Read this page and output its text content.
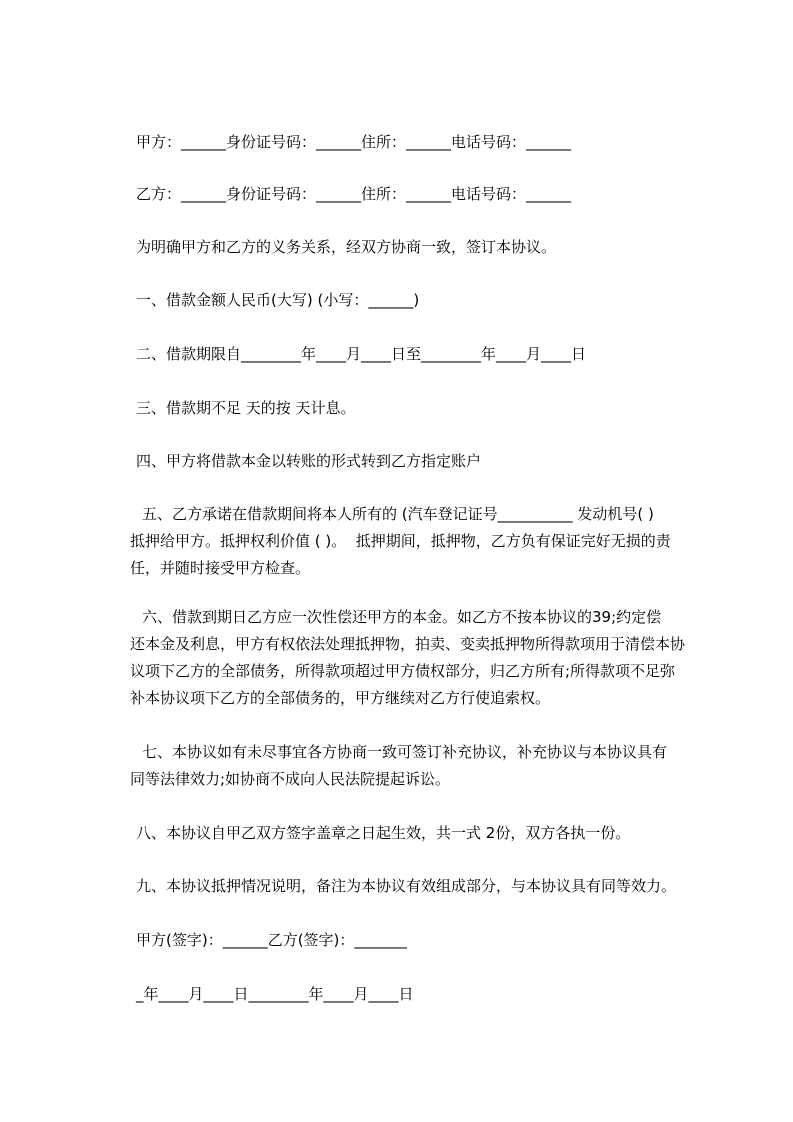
甲方：______身份证号码：______住所：______电话号码：______
乙方：______身份证号码：______住所：______电话号码：______
为明确甲方和乙方的义务关系，经双方协商一致，签订本协议。
一、借款金额人民币(大写) (小写：______)
二、借款期限自________年____月____日至________年____月____日
三、借款期不足 天的按 天计息。
四、甲方将借款本金以转账的形式转到乙方指定账户
五、乙方承诺在借款期间将本人所有的 (汽车登记证号__________ 发动机号( )
抵押给甲方。抵押权利价值 ( )。  抵押期间，抵押物，乙方负有保证完好无损的责
任，并随时接受甲方检查。
六、借款到期日乙方应一次性偿还甲方的本金。如乙方不按本协议的39;约定偿
还本金及利息，甲方有权依法处理抵押物，拍卖、变卖抵押物所得款项用于清偿本协
议项下乙方的全部债务，所得款项超过甲方债权部分，归乙方所有;所得款项不足弥
补本协议项下乙方的全部债务的，甲方继续对乙方行使追索权。
七、本协议如有未尽事宜各方协商一致可签订补充协议，补充协议与本协议具有
同等法律效力;如协商不成向人民法院提起诉讼。
八、本协议自甲乙双方签字盖章之日起生效，共一式 2份，双方各执一份。
九、本协议抵押情况说明，备注为本协议有效组成部分，与本协议具有同等效力。
甲方(签字)：______乙方(签字)：_______
_年____月____日________年____月____日
